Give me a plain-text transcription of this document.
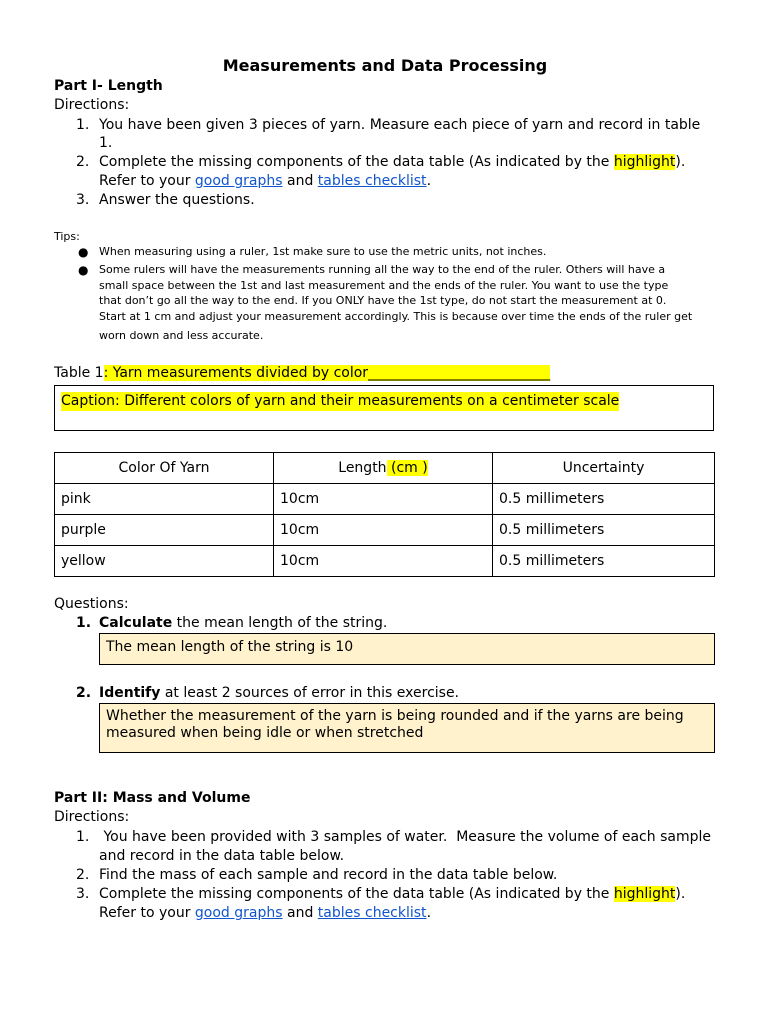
Measurements and Data Processing
Part I- Length
Directions:
1. You have been given 3 pieces of yarn. Measure each piece of yarn and record in table
1.
2. Complete the missing components of the data table (As indicated by the highlight).
Refer to your good graphs and tables checklist.
3. Answer the questions.
Tips:
● When measuring using a ruler, 1st make sure to use the metric units, not inches.
● Some rulers will have the measurements running all the way to the end of the ruler. Others will have a
small space between the 1st and last measurement and the ends of the ruler. You want to use the type
that don’t go all the way to the end. If you ONLY have the 1st type, do not start the measurement at 0.
Start at 1 cm and adjust your measurement accordingly. This is because over time the ends of the ruler get
worn down and less accurate.
Table 1: Yarn measurements divided by color__________________________
Caption: Different colors of yarn and their measurements on a centimeter scale
Color Of Yarn	Length (cm )	Uncertainty
pink	10cm	0.5 millimeters
purple	10cm	0.5 millimeters
yellow	10cm	0.5 millimeters
Questions:
1. Calculate the mean length of the string.
The mean length of the string is 10
2. Identify at least 2 sources of error in this exercise.
Whether the measurement of the yarn is being rounded and if the yarns are being
measured when being idle or when stretched
Part II: Mass and Volume
Directions:
1. You have been provided with 3 samples of water.  Measure the volume of each sample
and record in the data table below.
2. Find the mass of each sample and record in the data table below.
3. Complete the missing components of the data table (As indicated by the highlight).
Refer to your good graphs and tables checklist.
